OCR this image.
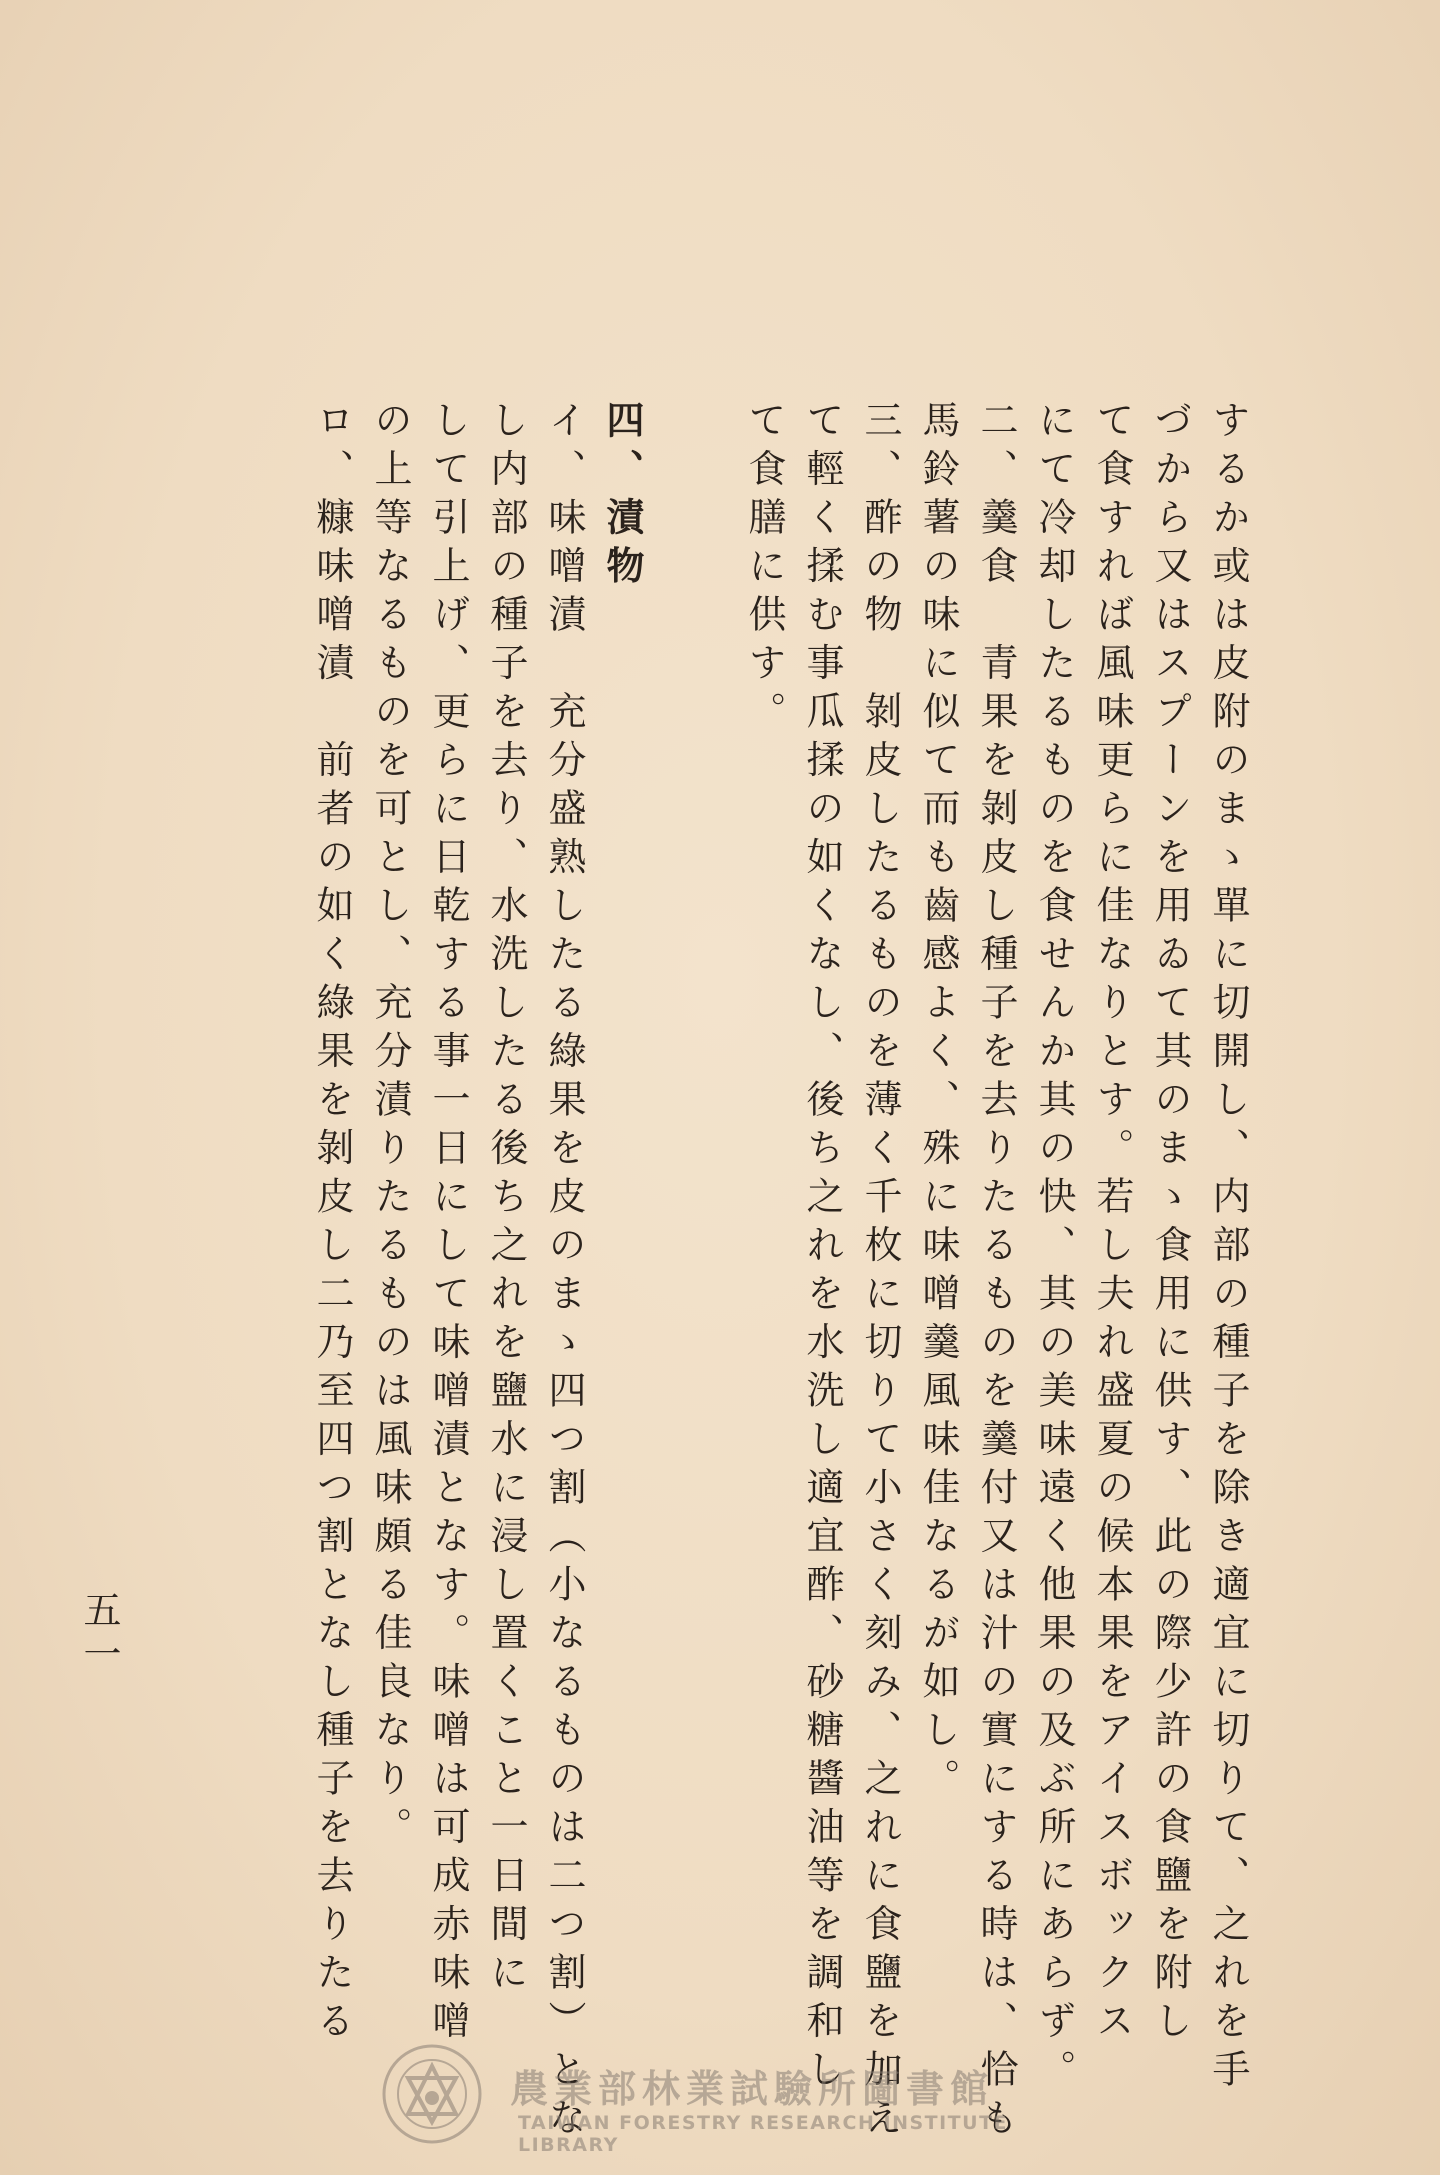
するか或は皮附のまゝ單に切開し、内部の種子を除き適宜に切りて、之れを手
づから又はスプーンを用ゐて其のまゝ食用に供す、此の際少許の食鹽を附し
て食すれば風味更らに佳なりとす。若し夫れ盛夏の候本果をアイスボックス
にて冷却したるものを食せんか其の快、其の美味遠く他果の及ぶ所にあらず。
二、羹食　青果を剝皮し種子を去りたるものを羹付又は汁の實にする時は、恰も
馬鈴薯の味に似て而も齒感よく、殊に味噌羹風味佳なるが如し。
三、酢の物　剝皮したるものを薄く千枚に切りて小さく刻み、之れに食鹽を加え
て輕く揉む事瓜揉の如くなし、後ち之れを水洗し適宜酢、砂糖醬油等を調和し
て食膳に供す。
四、漬物
イ、味噌漬　充分盛熟したる綠果を皮のまゝ四つ割（小なるものは二つ割）とな
し内部の種子を去り、水洗したる後ち之れを鹽水に浸し置くこと一日間に
して引上げ、更らに日乾する事一日にして味噌漬となす。味噌は可成赤味噌
の上等なるものを可とし、充分漬りたるものは風味頗る佳良なり。
ロ、糠味噌漬　前者の如く綠果を剝皮し二乃至四つ割となし種子を去りたる
五一
農業部林業試驗所圖書館
TAIWAN FORESTRY RESEARCH INSTITUTE LIBRARY
